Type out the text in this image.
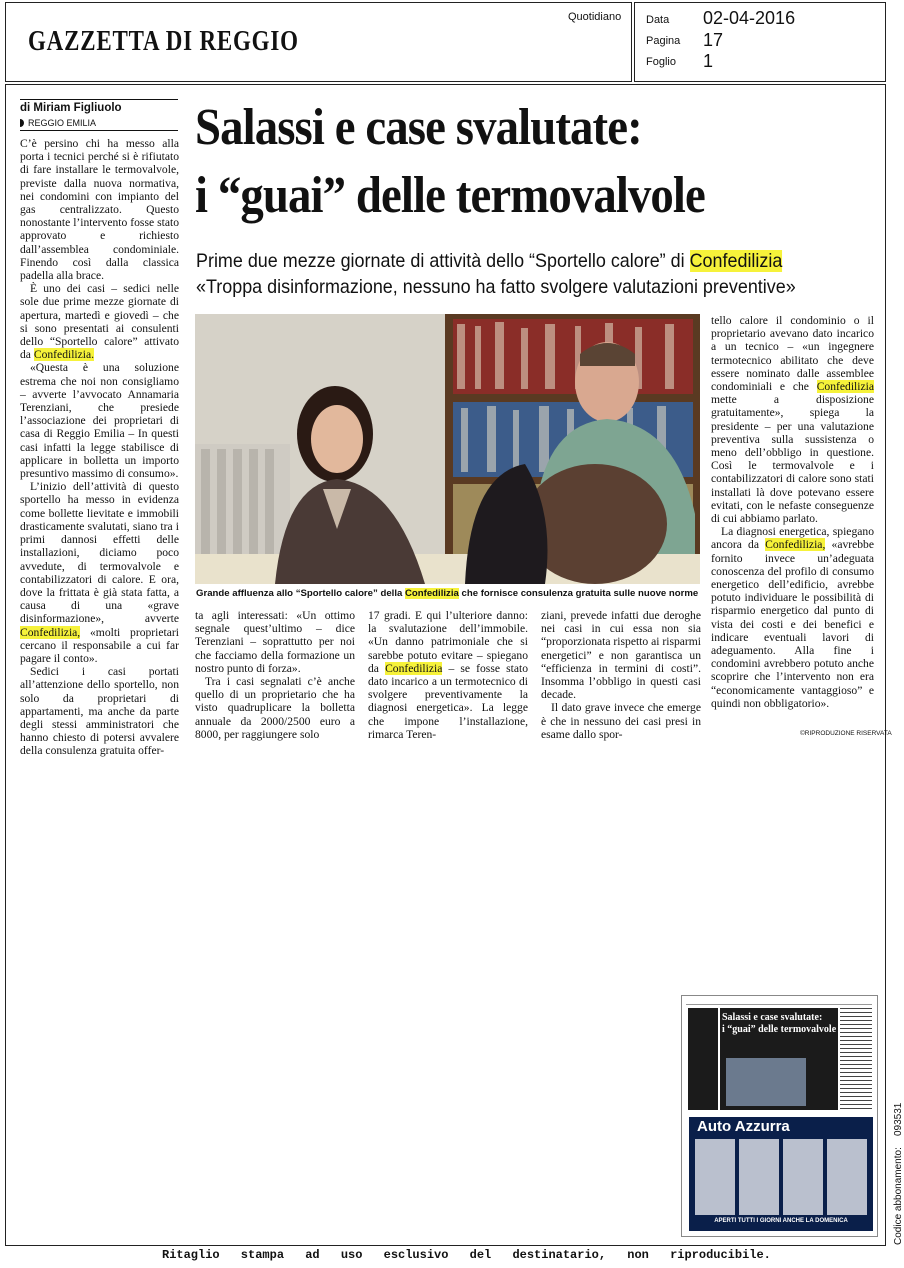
GAZZETTA DI REGGIO
Quotidiano Data 02-04-2016
Pagina 17
Foglio 1
di Miriam Figliuolo
REGGIO EMILIA Salassi e case svalutate:
i “guai” delle termovalvole
Prime due mezze giornate di attività dello “Sportello calore” di Confedilizia
«Troppa disinformazione, nessuno ha fatto svolgere valutazioni preventive»

C’è persino chi ha messo alla porta i tecnici perché si è rifiutato di fare installare le termovalvole, previste dalla nuova normativa, nei condomini con impianto del gas centralizzato. Questo nonostante l’intervento fosse stato approvato e richiesto dall’assemblea condominiale. Finendo così dalla classica padella alla brace.

È uno dei casi – sedici nelle sole due prime mezze giornate di apertura, martedì e giovedì – che si sono presentati ai consulenti dello “Sportello calore” attivato da Confedilizia.

«Questa è una soluzione estrema che noi non consigliamo – avverte l’avvocato Annamaria Terenziani, che presiede l’associazione dei proprietari di casa di Reggio Emilia – In questi casi infatti la legge stabilisce di applicare in bolletta un importo presuntivo massimo di consumo».

L’inizio dell’attività di questo sportello ha messo in evidenza come bollette lievitate e immobili drasticamente svalutati, siano tra i primi dannosi effetti delle installazioni, diciamo poco avvedute, di termovalvole e contabilizzatori di calore. E ora, dove la frittata è già stata fatta, a causa di una «grave disinformazione», avverte Confedilizia, «molti proprietari cercano il responsabile a cui far pagare il conto».

Sedici i casi portati all’attenzione dello sportello, non solo da proprietari di appartamenti, ma anche da parte degli stessi amministratori che hanno chiesto di potersi avvalere della consulenza gratuita offer-

Grande affluenza allo “Sportello calore” della Confedilizia che fornisce consulenza gratuita sulle nuove norme

ta agli interessati: «Un ottimo segnale quest’ultimo – dice Terenziani – soprattutto per noi che facciamo della formazione un nostro punto di forza».

Tra i casi segnalati c’è anche quello di un proprietario che ha visto quadruplicare la bolletta annuale da 2000/2500 euro a 8000, per raggiungere solo

17 gradi. E qui l’ulteriore danno: la svalutazione dell’immobile. «Un danno patrimoniale che si sarebbe potuto evitare – spiegano da Confedilizia – se fosse stato dato incarico a un termotecnico di svolgere preventivamente la diagnosi energetica». La legge che impone l’installazione, rimarca Teren-

ziani, prevede infatti due deroghe nei casi in cui essa non sia “proporzionata rispetto ai risparmi energetici” e non garantisca un “efficienza in termini di costi”. Insomma l’obbligo in questi casi decade.

Il dato grave invece che emerge è che in nessuno dei casi presi in esame dallo spor-

tello calore il condominio o il proprietario avevano dato incarico a un tecnico – «un ingegnere termotecnico abilitato che deve essere nominato dalle assemblee condominiali e che Confedilizia mette a disposizione gratuitamente», spiega la presidente – per una valutazione preventiva sulla sussistenza o meno dell’obbligo in questione. Così le termovalvole e i contabilizzatori di calore sono stati installati là dove potevano essere evitati, con le nefaste conseguenze di cui abbiamo parlato.

La diagnosi energetica, spiegano ancora da Confedilizia, «avrebbe fornito invece un’adeguata conoscenza del profilo di consumo energetico dell’edificio, avrebbe potuto individuare le possibilità di risparmio energetico dal punto di vista dei costi e dei benefici e indicare eventuali lavori di adeguamento. Alla fine i condomini avrebbero potuto anche scoprire che l’intervento non era “economicamente vantaggioso” e quindi non obbligatorio».

©RIPRODUZIONE RISERVATA
Salassi e case svalutate:
i “guai” delle termovalvole
Auto Azzurra
APERTI TUTTI I GIORNI ANCHE LA DOMENICA	Codice abbonamento:    093531
Ritaglio stampa ad uso esclusivo del destinatario, non riproducibile.
